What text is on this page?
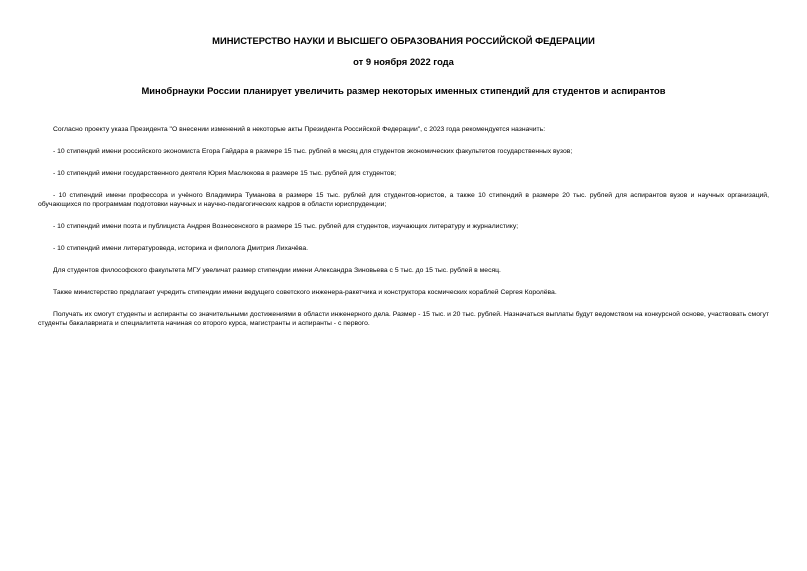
МИНИСТЕРСТВО НАУКИ И ВЫСШЕГО ОБРАЗОВАНИЯ РОССИЙСКОЙ ФЕДЕРАЦИИ
от 9 ноября 2022 года
Минобрнауки России планирует увеличить размер некоторых именных стипендий для студентов и аспирантов

Согласно проекту указа Президента "О внесении изменений в некоторые акты Президента Российской Федерации", с 2023 года рекомендуется назначить:

- 10 стипендий имени российского экономиста Егора Гайдара в размере 15 тыс. рублей в месяц для студентов экономических факультетов государственных вузов;

- 10 стипендий имени государственного деятеля Юрия Маслюкова в размере 15 тыс. рублей для студентов;

- 10 стипендий имени профессора и учёного Владимира Туманова в размере 15 тыс. рублей для студентов-юристов, а также 10 стипендий в размере 20 тыс. рублей для аспирантов вузов и научных организаций, обучающихся по программам подготовки научных и научно-педагогических кадров в области юриспруденции;

- 10 стипендий имени поэта и публициста Андрея Вознесенского в размере 15 тыс. рублей для студентов, изучающих литературу и журналистику;

- 10 стипендий имени литературоведа, историка и филолога Дмитрия Лихачёва.

Для студентов философского факультета МГУ увеличат размер стипендии имени Александра Зиновьева с 5 тыс. до 15 тыс. рублей в месяц.

Также министерство предлагает учредить стипендии имени ведущего советского инженера-ракетчика и конструктора космических кораблей Сергея Королёва.

Получать их смогут студенты и аспиранты со значительными достижениями в области инженерного дела. Размер - 15 тыс. и 20 тыс. рублей. Назначаться выплаты будут ведомством на конкурсной основе, участвовать смогут студенты бакалавриата и специалитета начиная со второго курса, магистранты и аспиранты - с первого.
